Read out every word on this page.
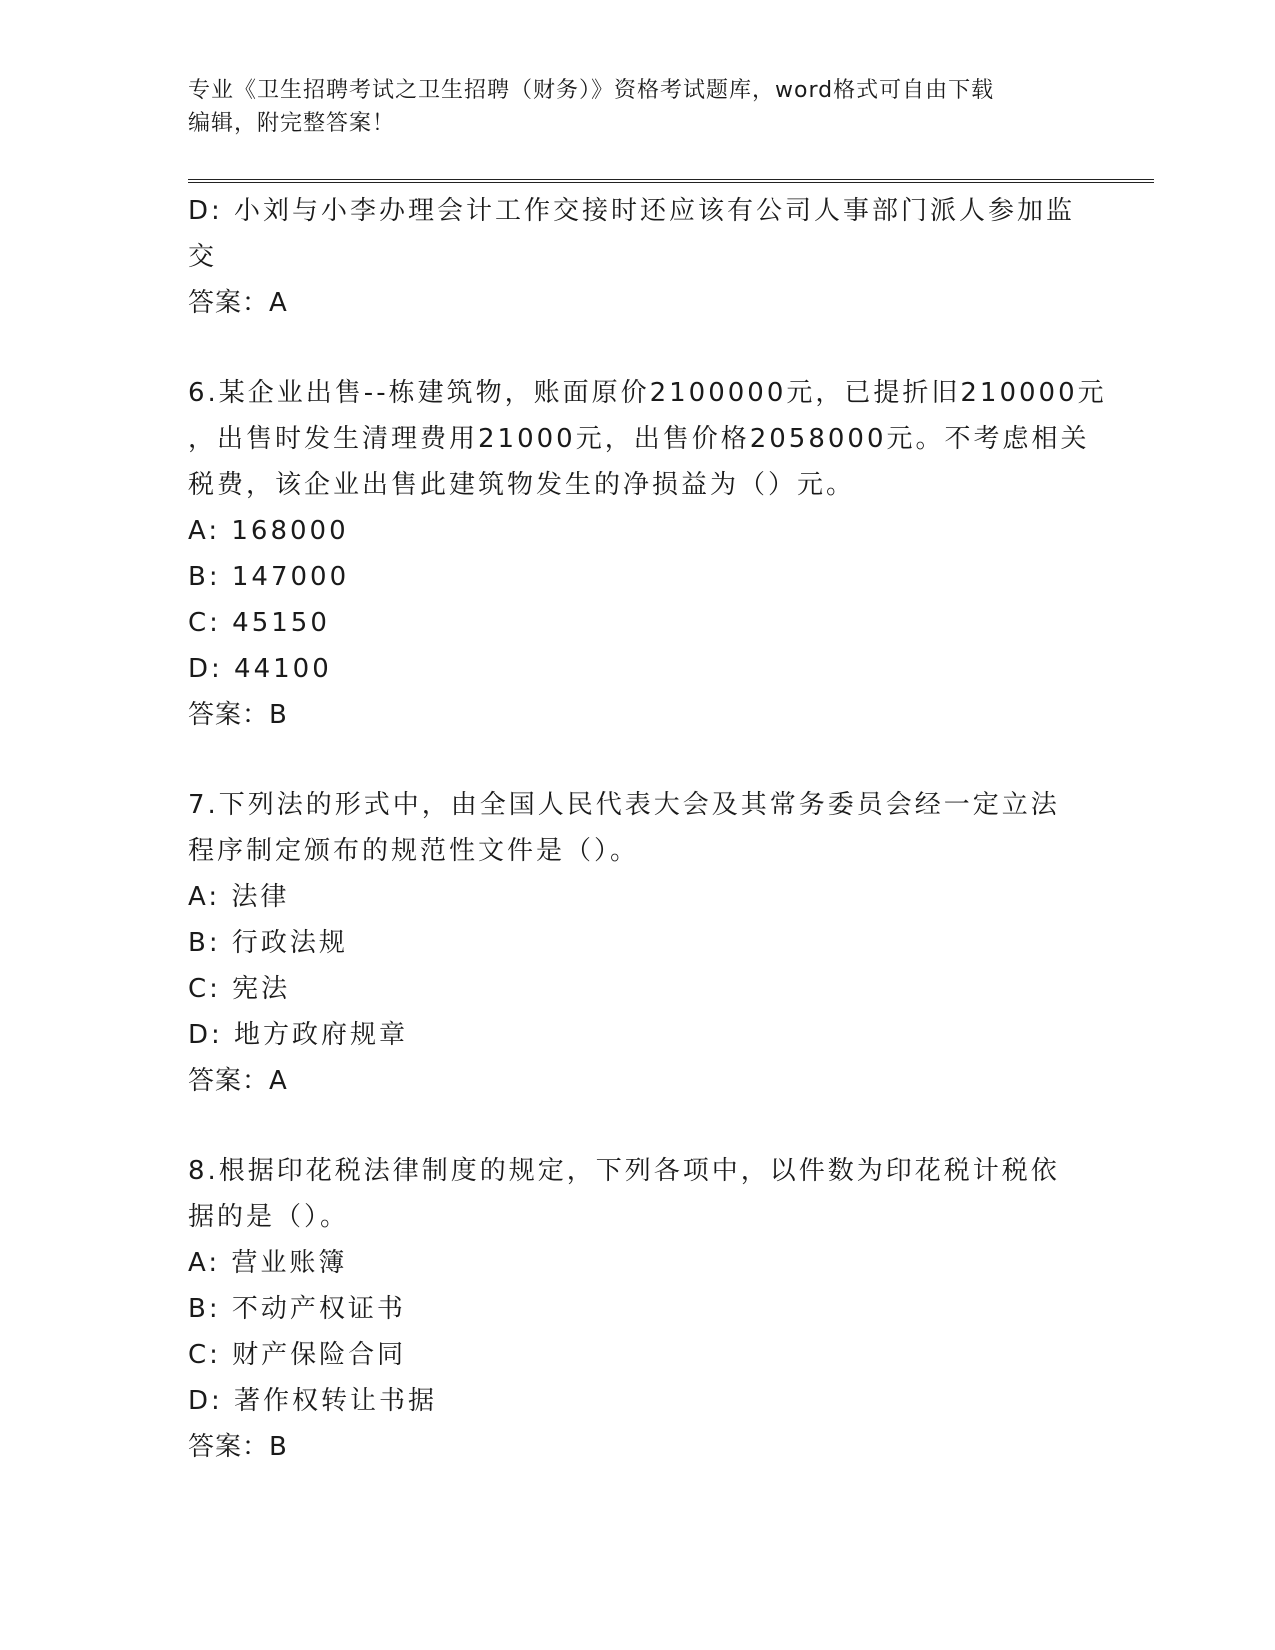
专业《卫生招聘考试之卫生招聘（财务）》资格考试题库，word格式可自由下载
编辑，附完整答案！
D: 小刘与小李办理会计工作交接时还应该有公司人事部门派人参加监
交
答案：A
6.某企业出售--栋建筑物，账面原价2100000元，已提折旧210000元
，出售时发生清理费用21000元，出售价格2058000元。不考虑相关
税费，该企业出售此建筑物发生的净损益为（）元。
A: 168000
B: 147000
C: 45150
D: 44100
答案：B
7.下列法的形式中，由全国人民代表大会及其常务委员会经一定立法
程序制定颁布的规范性文件是（）。
A: 法律
B: 行政法规
C: 宪法
D: 地方政府规章
答案：A
8.根据印花税法律制度的规定，下列各项中，以件数为印花税计税依
据的是（）。
A: 营业账簿
B: 不动产权证书
C: 财产保险合同
D: 著作权转让书据
答案：B
